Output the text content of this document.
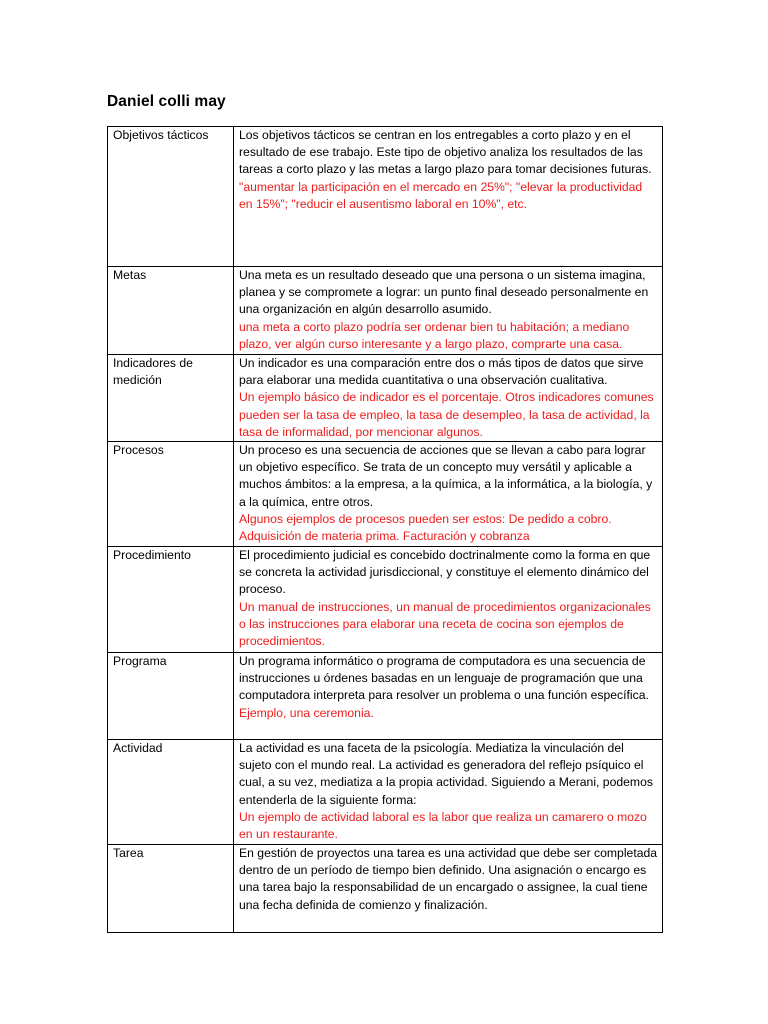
Daniel colli may
Objetivos tácticos	Los objetivos tácticos se centran en los entregables a corto plazo y en el resultado de ese trabajo. Este tipo de objetivo analiza los resultados de las tareas a corto plazo y las metas a largo plazo para tomar decisiones futuras.
"aumentar la participación en el mercado en 25%"; "elevar la productividad en 15%"; "reducir el ausentismo laboral en 10%", etc.

Metas	Una meta es un resultado deseado que una persona o un sistema imagina, planea y se compromete a lograr: un punto final deseado personalmente en una organización en algún desarrollo asumido.
una meta a corto plazo podría ser ordenar bien tu habitación; a mediano plazo, ver algún curso interesante y a largo plazo, comprarte una casa.

Indicadores de medición	Un indicador es una comparación entre dos o más tipos de datos que sirve para elaborar una medida cuantitativa o una observación cualitativa.
Un ejemplo básico de indicador es el porcentaje. Otros indicadores comunes pueden ser la tasa de empleo, la tasa de desempleo, la tasa de actividad, la tasa de informalidad, por mencionar algunos.

Procesos	Un proceso es una secuencia de acciones que se llevan a cabo para lograr un objetivo específico. Se trata de un concepto muy versátil y aplicable a muchos ámbitos: a la empresa, a la química, a la informática, a la biología, y a la química, entre otros.
Algunos ejemplos de procesos pueden ser estos: De pedido a cobro. Adquisición de materia prima. Facturación y cobranza

Procedimiento	El procedimiento judicial es concebido doctrinalmente como la forma en que se concreta la actividad jurisdiccional, y constituye el elemento dinámico del proceso.
Un manual de instrucciones, un manual de procedimientos organizacionales o las instrucciones para elaborar una receta de cocina son ejemplos de procedimientos.

Programa	Un programa informático o programa de computadora es una secuencia de instrucciones u órdenes basadas en un lenguaje de programación que una computadora interpreta para resolver un problema o una función específica.
Ejemplo, una ceremonia.

Actividad	La actividad es una faceta de la psicología. Mediatiza la vinculación del sujeto con el mundo real. La actividad es generadora del reflejo psíquico el cual, a su vez, mediatiza a la propia actividad. Siguiendo a Merani, podemos entenderla de la siguiente forma:
Un ejemplo de actividad laboral es la labor que realiza un camarero o mozo en un restaurante.

Tarea	En gestión de proyectos una tarea es una actividad que debe ser completada dentro de un período de tiempo bien definido. Una asignación o encargo es una tarea bajo la responsabilidad de un encargado o assignee, la cual tiene una fecha definida de comienzo y finalización.
